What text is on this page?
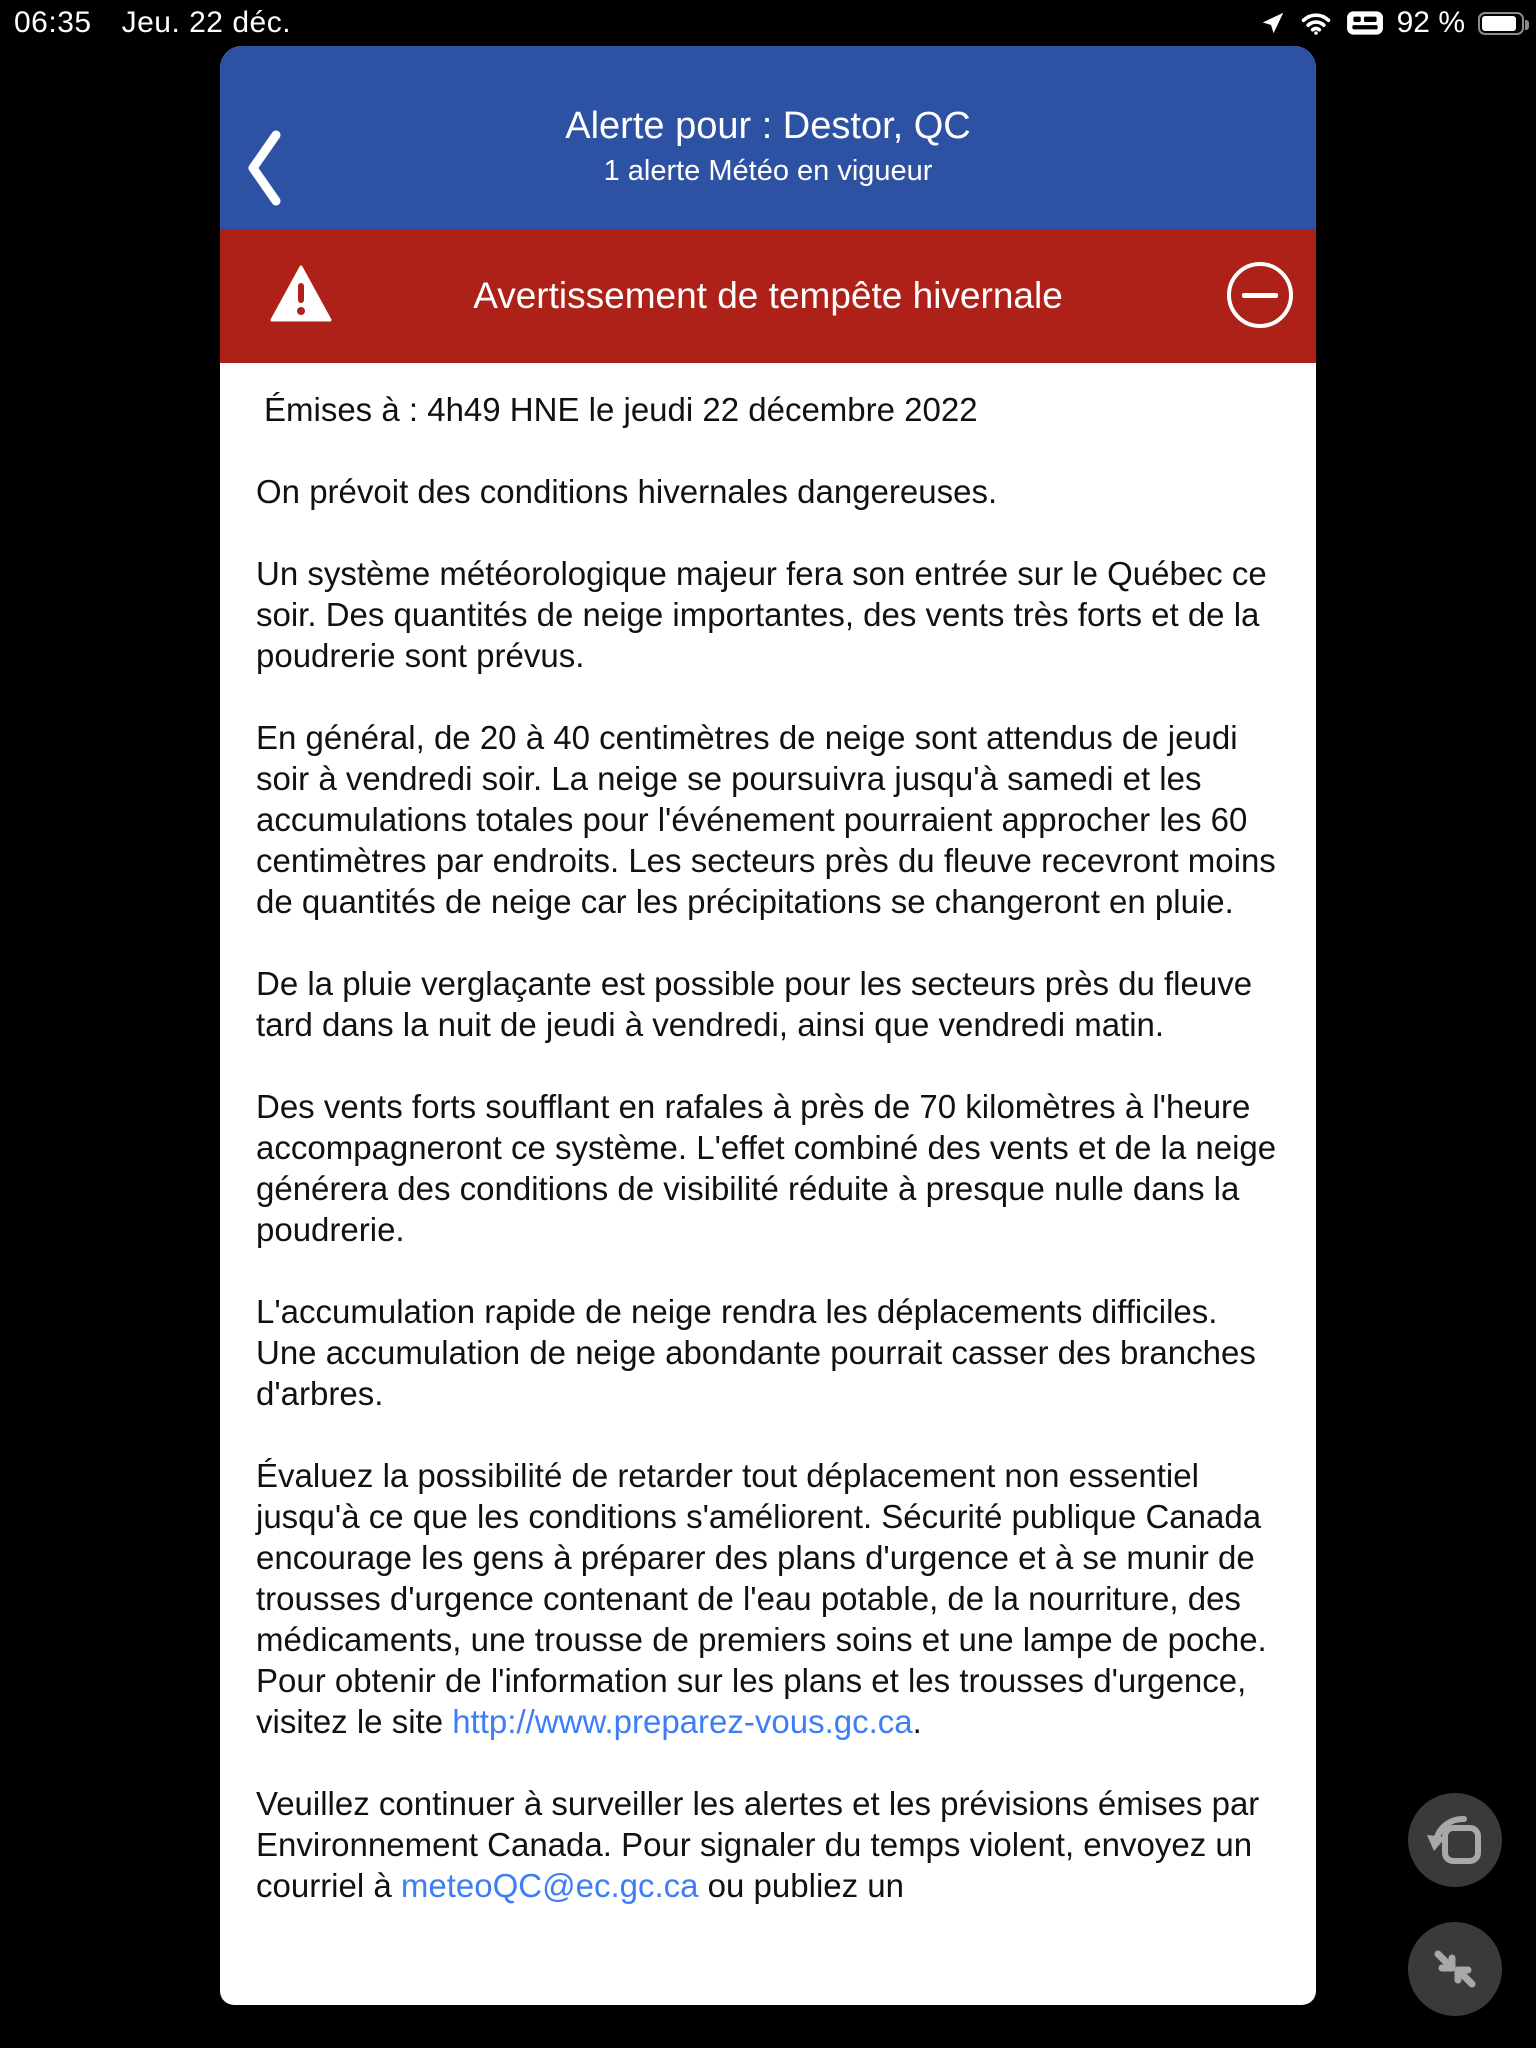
06:35 Jeu. 22 déc.	92 %
Alerte pour : Destor, QC
1 alerte Météo en vigueur
Avertissement de tempête hivernale

Émises à : 4h49 HNE le jeudi 22 décembre 2022

On prévoit des conditions hivernales dangereuses.

Un système météorologique majeur fera son entrée sur le Québec ce soir. Des quantités de neige importantes, des vents très forts et de la poudrerie sont prévus.

En général, de 20 à 40 centimètres de neige sont attendus de jeudi soir à vendredi soir. La neige se poursuivra jusqu'à samedi et les accumulations totales pour l'événement pourraient approcher les 60 centimètres par endroits. Les secteurs près du fleuve recevront moins de quantités de neige car les précipitations se changeront en pluie.

De la pluie verglaçante est possible pour les secteurs près du fleuve tard dans la nuit de jeudi à vendredi, ainsi que vendredi matin.

Des vents forts soufflant en rafales à près de 70 kilomètres à l'heure accompagneront ce système. L'effet combiné des vents et de la neige générera des conditions de visibilité réduite à presque nulle dans la poudrerie.

L'accumulation rapide de neige rendra les déplacements difficiles. Une accumulation de neige abondante pourrait casser des branches d'arbres.

Évaluez la possibilité de retarder tout déplacement non essentiel jusqu'à ce que les conditions s'améliorent. Sécurité publique Canada encourage les gens à préparer des plans d'urgence et à se munir de trousses d'urgence contenant de l'eau potable, de la nourriture, des médicaments, une trousse de premiers soins et une lampe de poche. Pour obtenir de l'information sur les plans et les trousses d'urgence, visitez le site http://www.preparez-vous.gc.ca.

Veuillez continuer à surveiller les alertes et les prévisions émises par Environnement Canada. Pour signaler du temps violent, envoyez un courriel à meteoQC@ec.gc.ca ou publiez un
